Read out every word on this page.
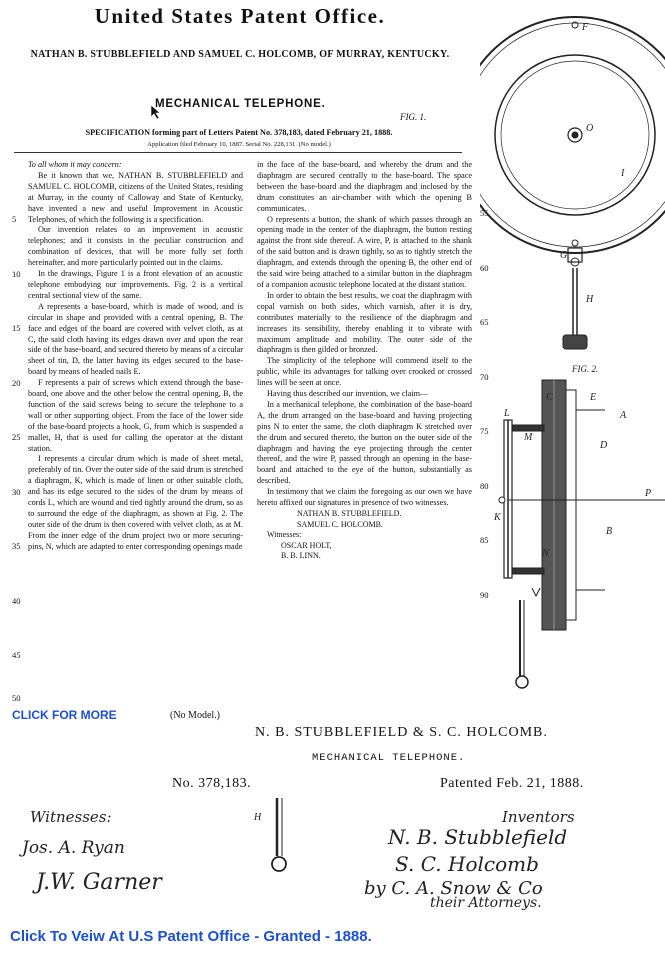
United States Patent Office.
NATHAN B. STUBBLEFIELD AND SAMUEL C. HOLCOMB, OF MURRAY, KENTUCKY.
MECHANICAL TELEPHONE.
FIG. 1.
SPECIFICATION forming part of Letters Patent No. 378,183, dated February 21, 1888.
Application filed February 10, 1887. Serial No. 228,131. (No model.)
5
10
15
20
25
30
35
40
45
50
55
60
65
70
75
80
85
90

To all whom it may concern:

Be it known that we, NATHAN B. STUBBLEFIELD and SAMUEL C. HOLCOMB, citizens of the United States, residing at Murray, in the county of Calloway and State of Kentucky, have invented a new and useful Improvement in Acoustic Telephones, of which the following is a specification.

Our invention relates to an improvement in acoustic telephones; and it consists in the peculiar construction and combination of devices, that will be more fully set forth hereinafter, and more particularly pointed out in the claims.

In the drawings, Figure 1 is a front elevation of an acoustic telephone embodying our improvements. Fig. 2 is a vertical central sectional view of the same.

A represents a base-board, which is made of wood, and is circular in shape and provided with a central opening, B. The face and edges of the board are covered with velvet cloth, as at C, the said cloth having its edges drawn over and upon the rear side of the base-board, and secured thereto by means of a circular sheet of tin, D, the latter having its edges secured to the base-board by means of headed nails E.

F represents a pair of screws which extend through the base-board, one above and the other below the central opening, B, the function of the said screws being to secure the telephone to a wall or other supporting object. From the face of the lower side of the base-board projects a hook, G, from which is suspended a mallet, H, that is used for calling the operator at the distant station.

I represents a circular drum which is made of sheet metal, preferably of tin. Over the outer side of the said drum is stretched a diaphragm, K, which is made of linen or other suitable cloth, and has its edge secured to the sides of the drum by means of cords L, which are wound and tied tightly around the drum, so as to surround the edge of the diaphragm, as shown at Fig. 2. The outer side of the drum is then covered with velvet cloth, as at M. From the inner edge of the drum project two or more securing-pins, N, which are adapted to enter corresponding openings made

in the face of the base-board, and whereby the drum and the diaphragm are secured centrally to the base-board. The space between the base-board and the diaphragm and inclosed by the drum constitutes an air-chamber with which the opening B communicates.

O represents a button, the shank of which passes through an opening made in the center of the diaphragm, the button resting against the front side thereof. A wire, P, is attached to the shank of the said button and is drawn tightly, so as to tightly stretch the diaphragm, and extends through the opening B, the other end of the said wire being attached to a similar button in the diaphragm of a companion acoustic telephone located at the distant station.

In order to obtain the best results, we coat the diaphragm with copal varnish on both sides, which varnish, after it is dry, contributes materially to the resilience of the diaphragm and increases its sensibility, thereby enabling it to vibrate with maximum amplitude and mobility. The outer side of the diaphragm is then gilded or bronzed.

The simplicity of the telephone will commend itself to the public, while its advantages for talking over crooked or crossed lines will be seen at once.

Having thus described our invention, we claim—

In a mechanical telephone, the combination of the base-board A, the drum arranged on the base-board and having projecting pins N to enter the same, the cloth diaphragm K stretched over the drum and secured thereto, the button on the outer side of the diaphragm and having the eye projecting through the center thereof, and the wire P, passed through an opening in the base-board and attached to the eye of the button, substantially as described.

In testimony that we claim the foregoing as our own we have hereto affixed our signatures in presence of two witnesses.

NATHAN B. STUBBLEFIELD.
SAMUEL C. HOLCOMB.
Witnesses:
OSCAR HOLT,
B. B. LINN.
O
I
F
H
G
FIG. 2.
C
A
E
L
M
D
P
K
N
B
CLICK FOR MORE	(No Model.)
N. B. STUBBLEFIELD & S. C. HOLCOMB.
MECHANICAL TELEPHONE.
No. 378,183.	Patented Feb. 21, 1888.
H
Witnesses:
Jos. A. Ryan
J.W. Garner
Inventors
N. B. Stubblefield
S. C. Holcomb
by C. A. Snow & Co
their Attorneys.
Click To Veiw At U.S Patent Office - Granted - 1888.
